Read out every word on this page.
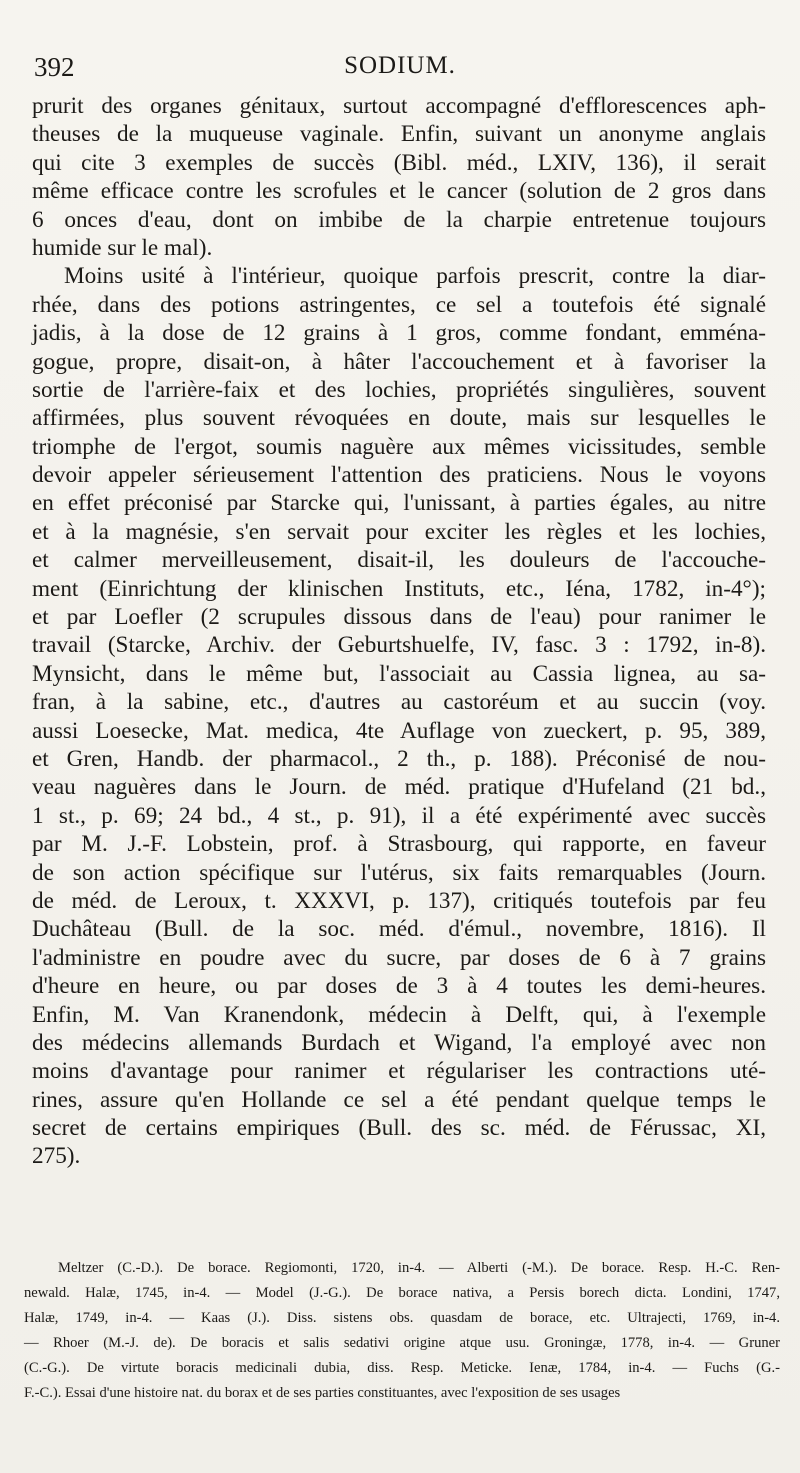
392	SODIUM.
prurit des organes génitaux, surtout accompagné d'efflorescences aph-
theuses de la muqueuse vaginale. Enfin, suivant un anonyme anglais
qui cite 3 exemples de succès (Bibl. méd., LXIV, 136), il serait
même efficace contre les scrofules et le cancer (solution de 2 gros dans
6 onces d'eau, dont on imbibe de la charpie entretenue toujours
humide sur le mal).
Moins usité à l'intérieur, quoique parfois prescrit, contre la diar-
rhée, dans des potions astringentes, ce sel a toutefois été signalé
jadis, à la dose de 12 grains à 1 gros, comme fondant, emména-
gogue, propre, disait-on, à hâter l'accouchement et à favoriser la
sortie de l'arrière-faix et des lochies, propriétés singulières, souvent
affirmées, plus souvent révoquées en doute, mais sur lesquelles le
triomphe de l'ergot, soumis naguère aux mêmes vicissitudes, semble
devoir appeler sérieusement l'attention des praticiens. Nous le voyons
en effet préconisé par Starcke qui, l'unissant, à parties égales, au nitre
et à la magnésie, s'en servait pour exciter les règles et les lochies,
et calmer merveilleusement, disait-il, les douleurs de l'accouche-
ment (Einrichtung der klinischen Instituts, etc., Iéna, 1782, in-4°);
et par Loefler (2 scrupules dissous dans de l'eau) pour ranimer le
travail (Starcke, Archiv. der Geburtshuelfe, IV, fasc. 3 : 1792, in-8).
Mynsicht, dans le même but, l'associait au Cassia lignea, au sa-
fran, à la sabine, etc., d'autres au castoréum et au succin (voy.
aussi Loesecke, Mat. medica, 4te Auflage von zueckert, p. 95, 389,
et Gren, Handb. der pharmacol., 2 th., p. 188). Préconisé de nou-
veau naguères dans le Journ. de méd. pratique d'Hufeland (21 bd.,
1 st., p. 69; 24 bd., 4 st., p. 91), il a été expérimenté avec succès
par M. J.-F. Lobstein, prof. à Strasbourg, qui rapporte, en faveur
de son action spécifique sur l'utérus, six faits remarquables (Journ.
de méd. de Leroux, t. XXXVI, p. 137), critiqués toutefois par feu
Duchâteau (Bull. de la soc. méd. d'émul., novembre, 1816). Il
l'administre en poudre avec du sucre, par doses de 6 à 7 grains
d'heure en heure, ou par doses de 3 à 4 toutes les demi-heures.
Enfin, M. Van Kranendonk, médecin à Delft, qui, à l'exemple
des médecins allemands Burdach et Wigand, l'a employé avec non
moins d'avantage pour ranimer et régulariser les contractions uté-
rines, assure qu'en Hollande ce sel a été pendant quelque temps le
secret de certains empiriques (Bull. des sc. méd. de Férussac, XI,
275).
Meltzer (C.-D.). De borace. Regiomonti, 1720, in-4. — Alberti (-M.). De borace. Resp. H.-C. Ren-
newald. Halæ, 1745, in-4. — Model (J.-G.). De borace nativa, a Persis borech dicta. Londini, 1747,
Halæ, 1749, in-4. — Kaas (J.). Diss. sistens obs. quasdam de borace, etc. Ultrajecti, 1769, in-4.
— Rhoer (M.-J. de). De boracis et salis sedativi origine atque usu. Groningæ, 1778, in-4. — Gruner
(C.-G.). De virtute boracis medicinali dubia, diss. Resp. Meticke. Ienæ, 1784, in-4. — Fuchs (G.-
F.-C.). Essai d'une histoire nat. du borax et de ses parties constituantes, avec l'exposition de ses usages
